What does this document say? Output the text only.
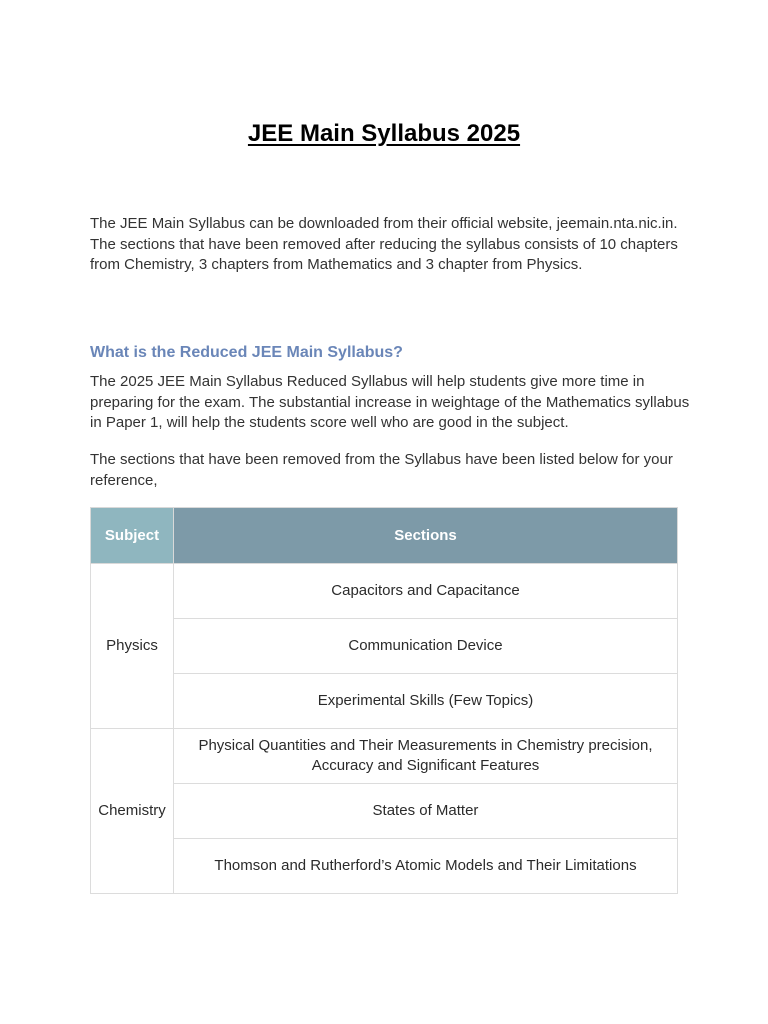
JEE Main Syllabus 2025

The JEE Main Syllabus can be downloaded from their official website, jeemain.nta.nic.in. The sections that have been removed after reducing the syllabus consists of 10 chapters from Chemistry, 3 chapters from Mathematics and 3 chapter from Physics.

What is the Reduced JEE Main Syllabus?

The 2025 JEE Main Syllabus Reduced Syllabus will help students give more time in preparing for the exam. The substantial increase in weightage of the Mathematics syllabus in Paper 1, will help the students score well who are good in the subject.

The sections that have been removed from the Syllabus have been listed below for your reference,

Subject	Sections
Physics	Capacitors and Capacitance
	Communication Device
	Experimental Skills (Few Topics)
Chemistry	Physical Quantities and Their Measurements in Chemistry precision, Accuracy and Significant Features
	States of Matter
	Thomson and Rutherford’s Atomic Models and Their Limitations
